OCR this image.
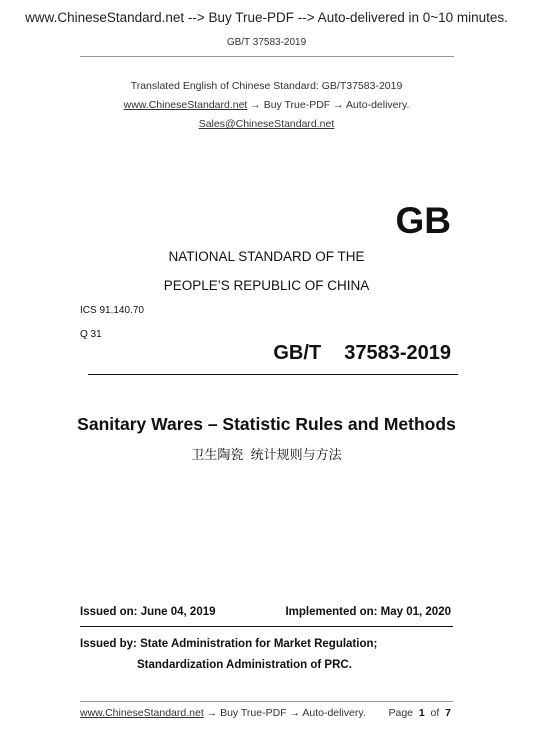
www.ChineseStandard.net --> Buy True-PDF --> Auto-delivered in 0~10 minutes.
GB/T 37583-2019
Translated English of Chinese Standard: GB/T37583-2019
www.ChineseStandard.net → Buy True-PDF → Auto-delivery.
Sales@ChineseStandard.net
GB
NATIONAL STANDARD OF THE
PEOPLE’S REPUBLIC OF CHINA
ICS 91.140.70
Q 31
GB/T  37583-2019
Sanitary Wares – Statistic Rules and Methods
卫生陶瓷  统计规则与方法
Issued on: June 04, 2019	Implemented on: May 01, 2020
Issued by: State Administration for Market Regulation;
Standardization Administration of PRC.
www.ChineseStandard.net → Buy True-PDF → Auto-delivery. Page 1 of 7
